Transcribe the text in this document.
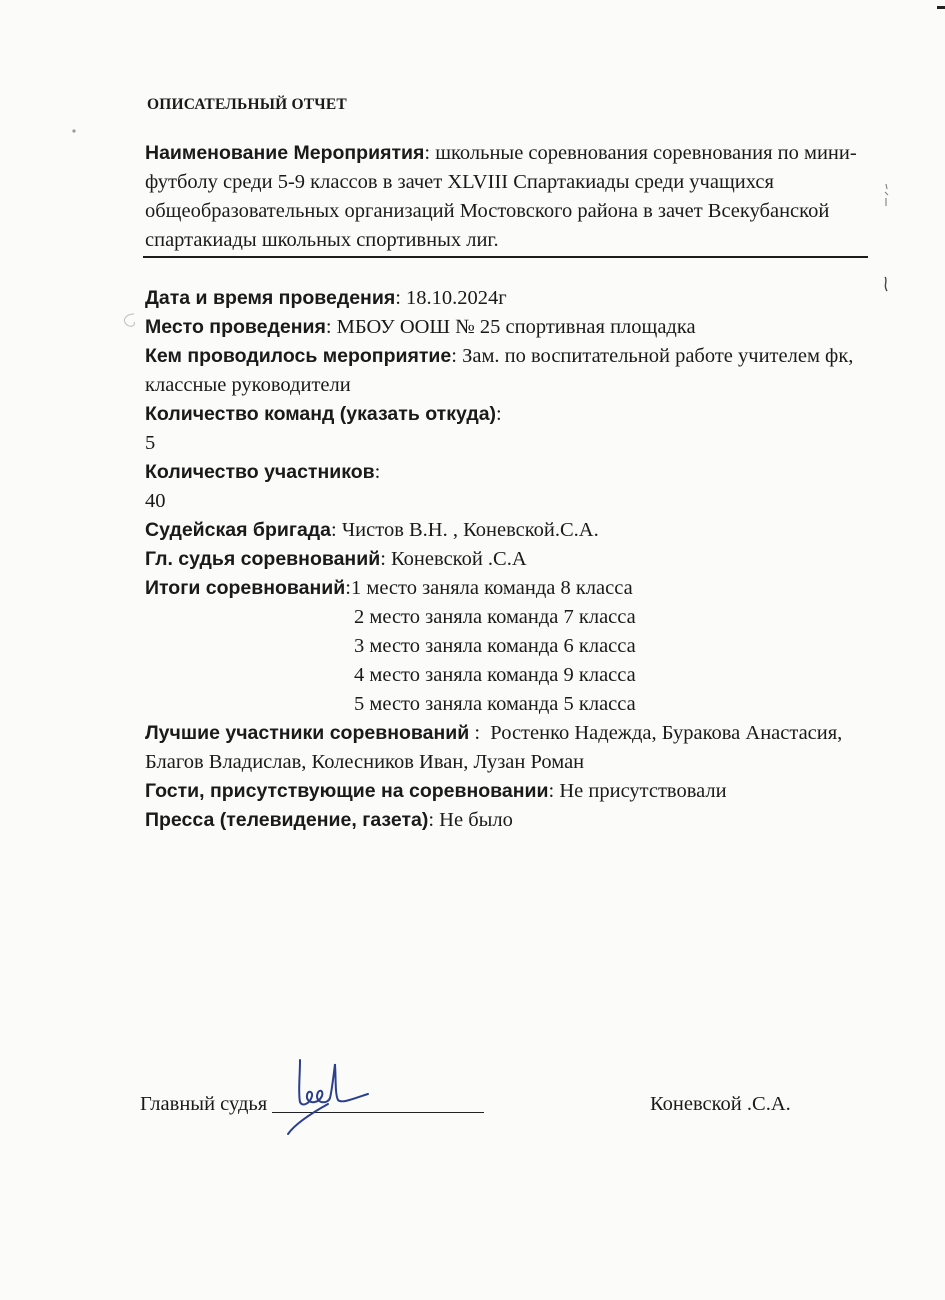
ОПИСАТЕЛЬНЫЙ ОТЧЕТ
Наименование Мероприятия: школьные соревнования соревнования по мини-футболу среди 5-9 классов в зачет XLVIII Спартакиады среди учащихся общеобразовательных организаций Мостовского района в зачет Всекубанской спартакиады школьных спортивных лиг.
Дата и время проведения: 18.10.2024г
Место проведения: МБОУ ООШ № 25 спортивная площадка
Кем проводилось мероприятие: Зам. по воспитательной работе учителем фк, классные руководители
Количество команд (указать откуда):
5
Количество участников:
40
Судейская бригада: Чистов В.Н. , Коневской.С.А.
Гл. судья соревнований: Коневской .С.А
Итоги соревнований:1 место заняла команда 8 класса
2 место заняла команда 7 класса
3 место заняла команда 6 класса
4 место заняла команда 9 класса
5 место заняла команда 5 класса
Лучшие участники соревнований :  Ростенко Надежда, Буракова Анастасия, Благов Владислав, Колесников Иван, Лузан Роман
Гости, присутствующие на соревновании: Не присутствовали
Пресса (телевидение, газета): Не было
Главный судья	Коневской .С.А.
